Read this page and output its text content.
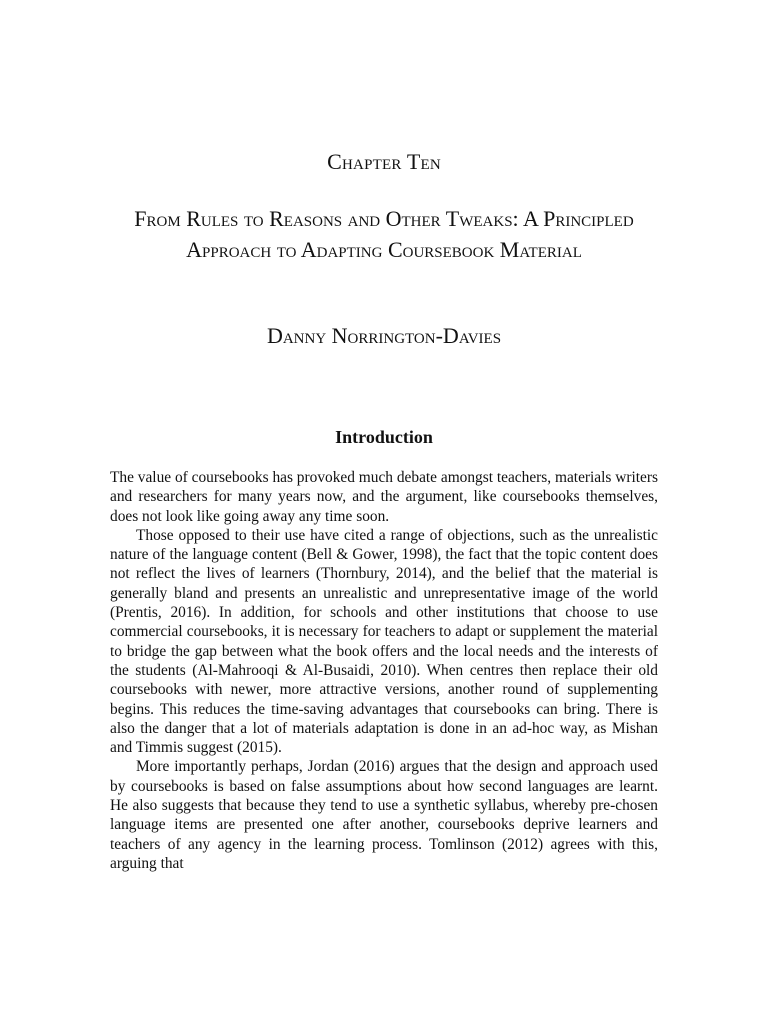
Chapter Ten
From Rules to Reasons and Other Tweaks: A Principled Approach to Adapting Coursebook Material
Danny Norrington-Davies
Introduction

The value of coursebooks has provoked much debate amongst teachers, materials writers and researchers for many years now, and the argument, like coursebooks themselves, does not look like going away any time soon.

Those opposed to their use have cited a range of objections, such as the unrealistic nature of the language content (Bell & Gower, 1998), the fact that the topic content does not reflect the lives of learners (Thornbury, 2014), and the belief that the material is generally bland and presents an unrealistic and unrepresentative image of the world (Prentis, 2016). In addition, for schools and other institutions that choose to use commercial coursebooks, it is necessary for teachers to adapt or supplement the material to bridge the gap between what the book offers and the local needs and the interests of the students (Al-Mahrooqi & Al-Busaidi, 2010). When centres then replace their old coursebooks with newer, more attractive versions, another round of supplementing begins. This reduces the time-saving advantages that coursebooks can bring. There is also the danger that a lot of materials adaptation is done in an ad-hoc way, as Mishan and Timmis suggest (2015).

More importantly perhaps, Jordan (2016) argues that the design and approach used by coursebooks is based on false assumptions about how second languages are learnt. He also suggests that because they tend to use a synthetic syllabus, whereby pre-chosen language items are presented one after another, coursebooks deprive learners and teachers of any agency in the learning process. Tomlinson (2012) agrees with this, arguing that
